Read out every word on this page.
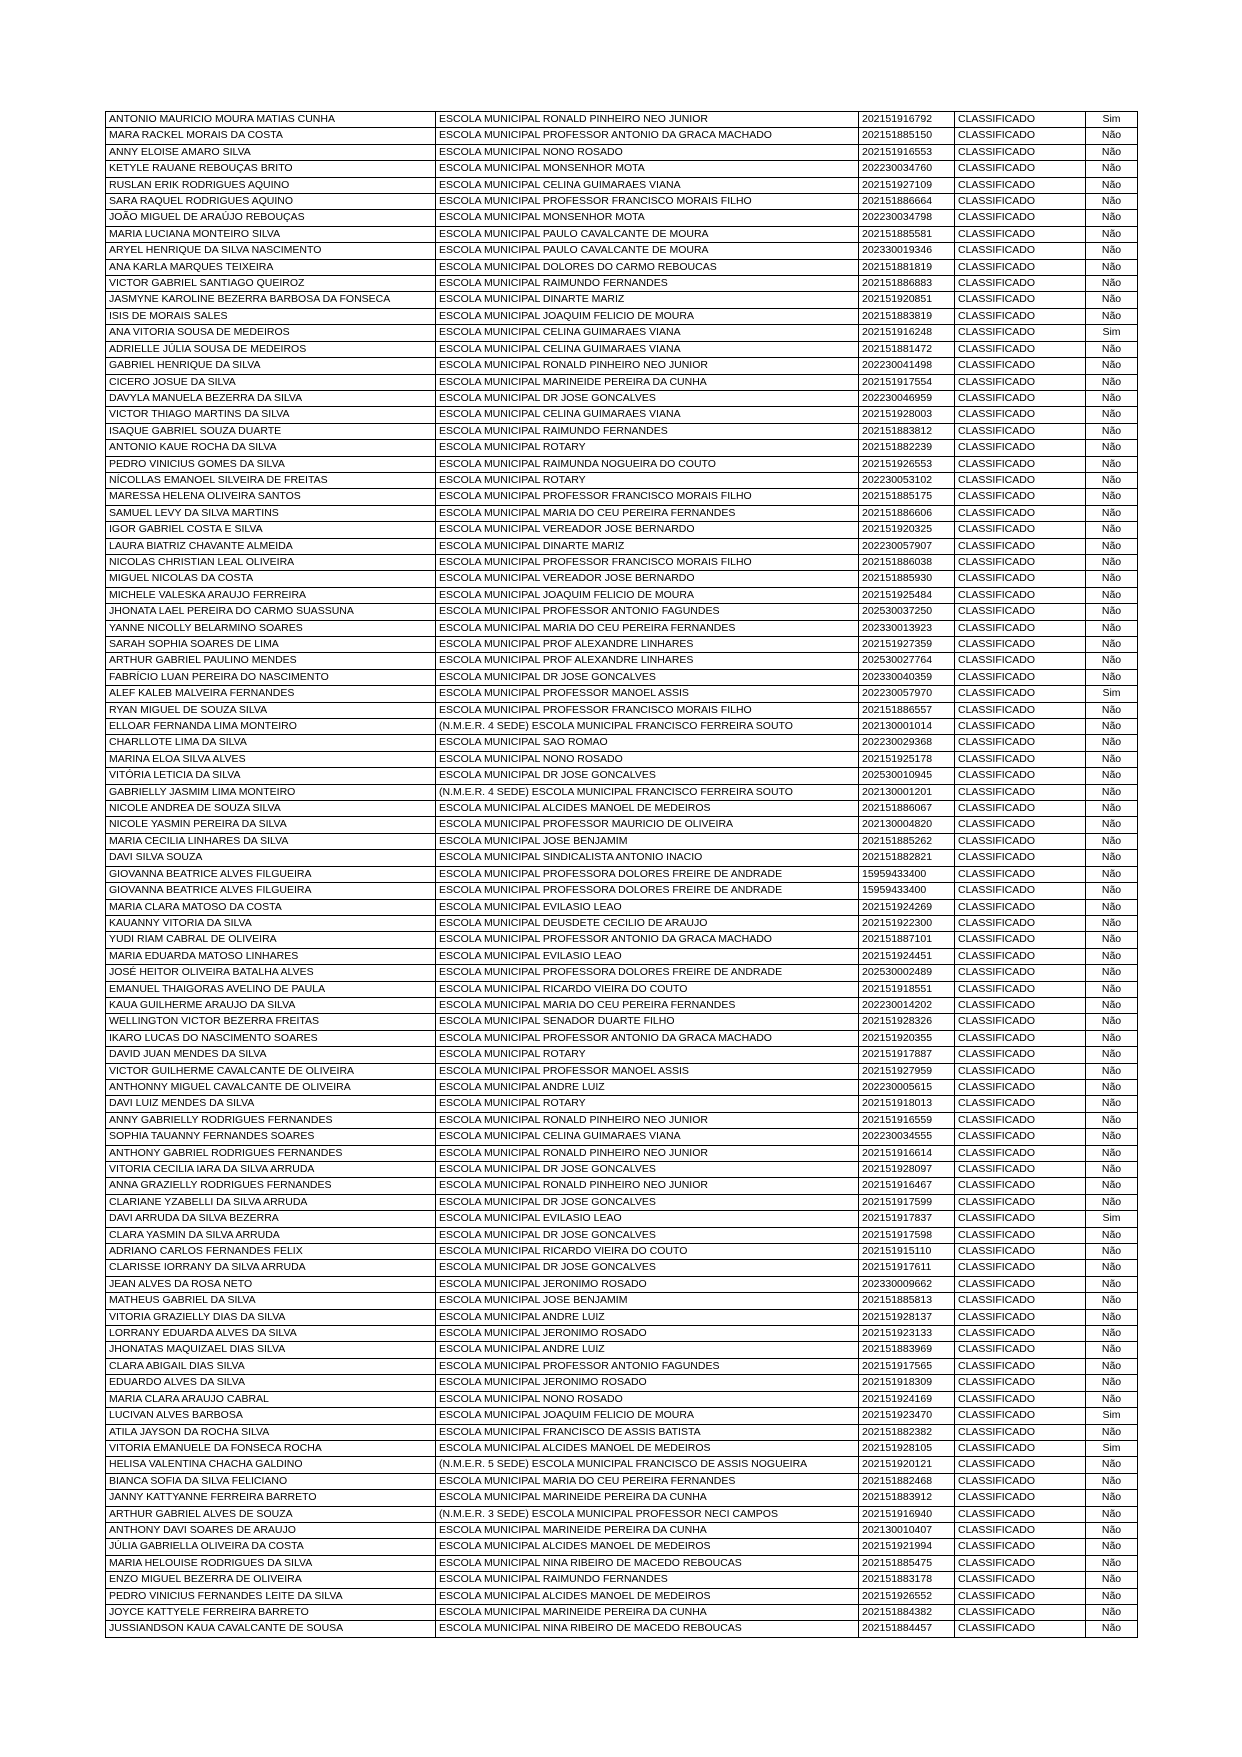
ANTONIO MAURICIO MOURA MATIAS CUNHA	ESCOLA MUNICIPAL RONALD PINHEIRO NEO JUNIOR	202151916792	CLASSIFICADO	Sim
MARA RACKEL MORAIS DA COSTA	ESCOLA MUNICIPAL PROFESSOR ANTONIO DA GRACA MACHADO	202151885150	CLASSIFICADO	Não
ANNY ELOISE AMARO SILVA	ESCOLA MUNICIPAL NONO ROSADO	202151916553	CLASSIFICADO	Não
KETYLE RAUANE REBOUÇAS BRITO	ESCOLA MUNICIPAL MONSENHOR MOTA	202230034760	CLASSIFICADO	Não
RUSLAN ERIK RODRIGUES AQUINO	ESCOLA MUNICIPAL CELINA GUIMARAES VIANA	202151927109	CLASSIFICADO	Não
SARA RAQUEL RODRIGUES AQUINO	ESCOLA MUNICIPAL PROFESSOR FRANCISCO MORAIS FILHO	202151886664	CLASSIFICADO	Não
JOÃO MIGUEL DE ARAÚJO REBOUÇAS	ESCOLA MUNICIPAL MONSENHOR MOTA	202230034798	CLASSIFICADO	Não
MARIA LUCIANA MONTEIRO SILVA	ESCOLA MUNICIPAL PAULO CAVALCANTE DE MOURA	202151885581	CLASSIFICADO	Não
ARYEL HENRIQUE DA SILVA NASCIMENTO	ESCOLA MUNICIPAL PAULO CAVALCANTE DE MOURA	202330019346	CLASSIFICADO	Não
ANA KARLA MARQUES TEIXEIRA	ESCOLA MUNICIPAL DOLORES DO CARMO REBOUCAS	202151881819	CLASSIFICADO	Não
VICTOR GABRIEL SANTIAGO QUEIROZ	ESCOLA MUNICIPAL RAIMUNDO FERNANDES	202151886883	CLASSIFICADO	Não
JASMYNE KAROLINE BEZERRA BARBOSA DA FONSECA	ESCOLA MUNICIPAL DINARTE MARIZ	202151920851	CLASSIFICADO	Não
ISIS DE MORAIS SALES	ESCOLA MUNICIPAL JOAQUIM FELICIO DE MOURA	202151883819	CLASSIFICADO	Não
ANA VITORIA SOUSA DE MEDEIROS	ESCOLA MUNICIPAL CELINA GUIMARAES VIANA	202151916248	CLASSIFICADO	Sim
ADRIELLE JÚLIA SOUSA DE MEDEIROS	ESCOLA MUNICIPAL CELINA GUIMARAES VIANA	202151881472	CLASSIFICADO	Não
GABRIEL HENRIQUE DA SILVA	ESCOLA MUNICIPAL RONALD PINHEIRO NEO JUNIOR	202230041498	CLASSIFICADO	Não
CICERO JOSUE DA SILVA	ESCOLA MUNICIPAL MARINEIDE PEREIRA DA CUNHA	202151917554	CLASSIFICADO	Não
DAVYLA MANUELA BEZERRA DA SILVA	ESCOLA MUNICIPAL DR JOSE GONCALVES	202230046959	CLASSIFICADO	Não
VICTOR THIAGO MARTINS DA SILVA	ESCOLA MUNICIPAL CELINA GUIMARAES VIANA	202151928003	CLASSIFICADO	Não
ISAQUE GABRIEL SOUZA DUARTE	ESCOLA MUNICIPAL RAIMUNDO FERNANDES	202151883812	CLASSIFICADO	Não
ANTONIO KAUE ROCHA DA SILVA	ESCOLA MUNICIPAL ROTARY	202151882239	CLASSIFICADO	Não
PEDRO VINICIUS GOMES DA SILVA	ESCOLA MUNICIPAL RAIMUNDA NOGUEIRA DO COUTO	202151926553	CLASSIFICADO	Não
NÍCOLLAS EMANOEL SILVEIRA DE FREITAS	ESCOLA MUNICIPAL ROTARY	202230053102	CLASSIFICADO	Não
MARESSA HELENA OLIVEIRA SANTOS	ESCOLA MUNICIPAL PROFESSOR FRANCISCO MORAIS FILHO	202151885175	CLASSIFICADO	Não
SAMUEL LEVY DA SILVA MARTINS	ESCOLA MUNICIPAL MARIA DO CEU PEREIRA FERNANDES	202151886606	CLASSIFICADO	Não
IGOR GABRIEL COSTA E SILVA	ESCOLA MUNICIPAL VEREADOR JOSE BERNARDO	202151920325	CLASSIFICADO	Não
LAURA BIATRIZ CHAVANTE ALMEIDA	ESCOLA MUNICIPAL DINARTE MARIZ	202230057907	CLASSIFICADO	Não
NICOLAS CHRISTIAN LEAL OLIVEIRA	ESCOLA MUNICIPAL PROFESSOR FRANCISCO MORAIS FILHO	202151886038	CLASSIFICADO	Não
MIGUEL NICOLAS DA COSTA	ESCOLA MUNICIPAL VEREADOR JOSE BERNARDO	202151885930	CLASSIFICADO	Não
MICHELE VALESKA ARAUJO FERREIRA	ESCOLA MUNICIPAL JOAQUIM FELICIO DE MOURA	202151925484	CLASSIFICADO	Não
JHONATA LAEL PEREIRA DO CARMO SUASSUNA	ESCOLA MUNICIPAL PROFESSOR ANTONIO FAGUNDES	202530037250	CLASSIFICADO	Não
YANNE NICOLLY BELARMINO SOARES	ESCOLA MUNICIPAL MARIA DO CEU PEREIRA FERNANDES	202330013923	CLASSIFICADO	Não
SARAH SOPHIA SOARES DE LIMA	ESCOLA MUNICIPAL PROF ALEXANDRE LINHARES	202151927359	CLASSIFICADO	Não
ARTHUR GABRIEL PAULINO MENDES	ESCOLA MUNICIPAL PROF ALEXANDRE LINHARES	202530027764	CLASSIFICADO	Não
FABRÍCIO LUAN PEREIRA DO NASCIMENTO	ESCOLA MUNICIPAL DR JOSE GONCALVES	202330040359	CLASSIFICADO	Não
ALEF KALEB MALVEIRA FERNANDES	ESCOLA MUNICIPAL PROFESSOR MANOEL ASSIS	202230057970	CLASSIFICADO	Sim
RYAN MIGUEL DE SOUZA SILVA	ESCOLA MUNICIPAL PROFESSOR FRANCISCO MORAIS FILHO	202151886557	CLASSIFICADO	Não
ELLOAR FERNANDA LIMA MONTEIRO	(N.M.E.R. 4 SEDE) ESCOLA MUNICIPAL FRANCISCO FERREIRA SOUTO	202130001014	CLASSIFICADO	Não
CHARLLOTE LIMA DA SILVA	ESCOLA MUNICIPAL SAO ROMAO	202230029368	CLASSIFICADO	Não
MARINA ELOA SILVA ALVES	ESCOLA MUNICIPAL NONO ROSADO	202151925178	CLASSIFICADO	Não
VITÓRIA LETICIA DA SILVA	ESCOLA MUNICIPAL DR JOSE GONCALVES	202530010945	CLASSIFICADO	Não
GABRIELLY JASMIM LIMA MONTEIRO	(N.M.E.R. 4 SEDE) ESCOLA MUNICIPAL FRANCISCO FERREIRA SOUTO	202130001201	CLASSIFICADO	Não
NICOLE ANDREA DE SOUZA SILVA	ESCOLA MUNICIPAL ALCIDES MANOEL DE MEDEIROS	202151886067	CLASSIFICADO	Não
NICOLE YASMIN PEREIRA DA SILVA	ESCOLA MUNICIPAL PROFESSOR MAURICIO DE OLIVEIRA	202130004820	CLASSIFICADO	Não
MARIA CECILIA LINHARES DA SILVA	ESCOLA MUNICIPAL JOSE BENJAMIM	202151885262	CLASSIFICADO	Não
DAVI SILVA SOUZA	ESCOLA MUNICIPAL SINDICALISTA ANTONIO INACIO	202151882821	CLASSIFICADO	Não
GIOVANNA BEATRICE ALVES FILGUEIRA	ESCOLA MUNICIPAL PROFESSORA DOLORES FREIRE DE ANDRADE	15959433400	CLASSIFICADO	Não
GIOVANNA BEATRICE ALVES FILGUEIRA	ESCOLA MUNICIPAL PROFESSORA DOLORES FREIRE DE ANDRADE	15959433400	CLASSIFICADO	Não
MARIA CLARA MATOSO DA COSTA	ESCOLA MUNICIPAL EVILASIO LEAO	202151924269	CLASSIFICADO	Não
KAUANNY VITORIA DA SILVA	ESCOLA MUNICIPAL DEUSDETE CECILIO DE ARAUJO	202151922300	CLASSIFICADO	Não
YUDI RIAM CABRAL DE OLIVEIRA	ESCOLA MUNICIPAL PROFESSOR ANTONIO DA GRACA MACHADO	202151887101	CLASSIFICADO	Não
MARIA EDUARDA MATOSO LINHARES	ESCOLA MUNICIPAL EVILASIO LEAO	202151924451	CLASSIFICADO	Não
JOSÉ HEITOR OLIVEIRA BATALHA ALVES	ESCOLA MUNICIPAL PROFESSORA DOLORES FREIRE DE ANDRADE	202530002489	CLASSIFICADO	Não
EMANUEL THAIGORAS AVELINO DE PAULA	ESCOLA MUNICIPAL RICARDO VIEIRA DO COUTO	202151918551	CLASSIFICADO	Não
KAUA GUILHERME ARAUJO DA SILVA	ESCOLA MUNICIPAL MARIA DO CEU PEREIRA FERNANDES	202230014202	CLASSIFICADO	Não
WELLINGTON VICTOR BEZERRA FREITAS	ESCOLA MUNICIPAL SENADOR DUARTE FILHO	202151928326	CLASSIFICADO	Não
IKARO LUCAS DO NASCIMENTO SOARES	ESCOLA MUNICIPAL PROFESSOR ANTONIO DA GRACA MACHADO	202151920355	CLASSIFICADO	Não
DAVID JUAN MENDES DA SILVA	ESCOLA MUNICIPAL ROTARY	202151917887	CLASSIFICADO	Não
VICTOR GUILHERME CAVALCANTE DE OLIVEIRA	ESCOLA MUNICIPAL PROFESSOR MANOEL ASSIS	202151927959	CLASSIFICADO	Não
ANTHONNY MIGUEL CAVALCANTE DE OLIVEIRA	ESCOLA MUNICIPAL ANDRE LUIZ	202230005615	CLASSIFICADO	Não
DAVI LUIZ MENDES DA SILVA	ESCOLA MUNICIPAL ROTARY	202151918013	CLASSIFICADO	Não
ANNY GABRIELLY RODRIGUES FERNANDES	ESCOLA MUNICIPAL RONALD PINHEIRO NEO JUNIOR	202151916559	CLASSIFICADO	Não
SOPHIA TAUANNY FERNANDES SOARES	ESCOLA MUNICIPAL CELINA GUIMARAES VIANA	202230034555	CLASSIFICADO	Não
ANTHONY GABRIEL RODRIGUES FERNANDES	ESCOLA MUNICIPAL RONALD PINHEIRO NEO JUNIOR	202151916614	CLASSIFICADO	Não
VITORIA CECILIA IARA DA SILVA ARRUDA	ESCOLA MUNICIPAL DR JOSE GONCALVES	202151928097	CLASSIFICADO	Não
ANNA GRAZIELLY RODRIGUES FERNANDES	ESCOLA MUNICIPAL RONALD PINHEIRO NEO JUNIOR	202151916467	CLASSIFICADO	Não
CLARIANE YZABELLI DA SILVA ARRUDA	ESCOLA MUNICIPAL DR JOSE GONCALVES	202151917599	CLASSIFICADO	Não
DAVI ARRUDA DA SILVA BEZERRA	ESCOLA MUNICIPAL EVILASIO LEAO	202151917837	CLASSIFICADO	Sim
CLARA YASMIN DA SILVA ARRUDA	ESCOLA MUNICIPAL DR JOSE GONCALVES	202151917598	CLASSIFICADO	Não
ADRIANO CARLOS FERNANDES FELIX	ESCOLA MUNICIPAL RICARDO VIEIRA DO COUTO	202151915110	CLASSIFICADO	Não
CLARISSE IORRANY DA SILVA ARRUDA	ESCOLA MUNICIPAL DR JOSE GONCALVES	202151917611	CLASSIFICADO	Não
JEAN ALVES DA ROSA NETO	ESCOLA MUNICIPAL JERONIMO ROSADO	202330009662	CLASSIFICADO	Não
MATHEUS GABRIEL DA SILVA	ESCOLA MUNICIPAL JOSE BENJAMIM	202151885813	CLASSIFICADO	Não
VITORIA GRAZIELLY DIAS DA SILVA	ESCOLA MUNICIPAL ANDRE LUIZ	202151928137	CLASSIFICADO	Não
LORRANY EDUARDA ALVES DA SILVA	ESCOLA MUNICIPAL JERONIMO ROSADO	202151923133	CLASSIFICADO	Não
JHONATAS MAQUIZAEL DIAS SILVA	ESCOLA MUNICIPAL ANDRE LUIZ	202151883969	CLASSIFICADO	Não
CLARA ABIGAIL DIAS SILVA	ESCOLA MUNICIPAL PROFESSOR ANTONIO FAGUNDES	202151917565	CLASSIFICADO	Não
EDUARDO ALVES DA SILVA	ESCOLA MUNICIPAL JERONIMO ROSADO	202151918309	CLASSIFICADO	Não
MARIA CLARA ARAUJO CABRAL	ESCOLA MUNICIPAL NONO ROSADO	202151924169	CLASSIFICADO	Não
LUCIVAN ALVES BARBOSA	ESCOLA MUNICIPAL JOAQUIM FELICIO DE MOURA	202151923470	CLASSIFICADO	Sim
ATILA JAYSON DA ROCHA SILVA	ESCOLA MUNICIPAL FRANCISCO DE ASSIS BATISTA	202151882382	CLASSIFICADO	Não
VITORIA EMANUELE DA FONSECA ROCHA	ESCOLA MUNICIPAL ALCIDES MANOEL DE MEDEIROS	202151928105	CLASSIFICADO	Sim
HELISA VALENTINA CHACHA GALDINO	(N.M.E.R. 5 SEDE) ESCOLA MUNICIPAL FRANCISCO DE ASSIS NOGUEIRA	202151920121	CLASSIFICADO	Não
BIANCA SOFIA DA SILVA FELICIANO	ESCOLA MUNICIPAL MARIA DO CEU PEREIRA FERNANDES	202151882468	CLASSIFICADO	Não
JANNY KATTYANNE FERREIRA BARRETO	ESCOLA MUNICIPAL MARINEIDE PEREIRA DA CUNHA	202151883912	CLASSIFICADO	Não
ARTHUR GABRIEL ALVES DE SOUZA	(N.M.E.R. 3 SEDE) ESCOLA MUNICIPAL PROFESSOR NECI CAMPOS	202151916940	CLASSIFICADO	Não
ANTHONY DAVI SOARES DE ARAUJO	ESCOLA MUNICIPAL MARINEIDE PEREIRA DA CUNHA	202130010407	CLASSIFICADO	Não
JÚLIA GABRIELLA OLIVEIRA DA COSTA	ESCOLA MUNICIPAL ALCIDES MANOEL DE MEDEIROS	202151921994	CLASSIFICADO	Não
MARIA HELOUISE RODRIGUES DA SILVA	ESCOLA MUNICIPAL NINA RIBEIRO DE MACEDO REBOUCAS	202151885475	CLASSIFICADO	Não
ENZO MIGUEL BEZERRA DE OLIVEIRA	ESCOLA MUNICIPAL RAIMUNDO FERNANDES	202151883178	CLASSIFICADO	Não
PEDRO VINICIUS FERNANDES LEITE DA SILVA	ESCOLA MUNICIPAL ALCIDES MANOEL DE MEDEIROS	202151926552	CLASSIFICADO	Não
JOYCE KATTYELE FERREIRA BARRETO	ESCOLA MUNICIPAL MARINEIDE PEREIRA DA CUNHA	202151884382	CLASSIFICADO	Não
JUSSIANDSON KAUA CAVALCANTE DE SOUSA	ESCOLA MUNICIPAL NINA RIBEIRO DE MACEDO REBOUCAS	202151884457	CLASSIFICADO	Não
